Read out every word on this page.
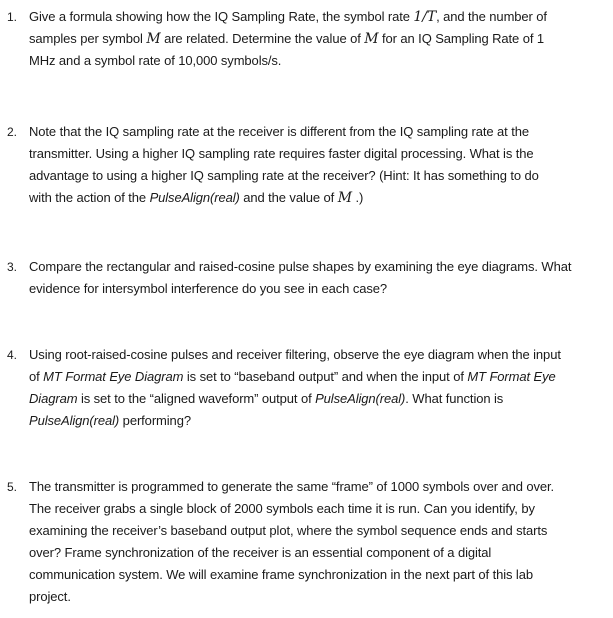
1. Give a formula showing how the IQ Sampling Rate, the symbol rate 1/T, and the number of
samples per symbol M are related. Determine the value of M for an IQ Sampling Rate of 1
MHz and a symbol rate of 10,000 symbols/s.
2. Note that the IQ sampling rate at the receiver is different from the IQ sampling rate at the
transmitter. Using a higher IQ sampling rate requires faster digital processing. What is the
advantage to using a higher IQ sampling rate at the receiver? (Hint: It has something to do
with the action of the PulseAlign(real) and the value of M .)
3. Compare the rectangular and raised-cosine pulse shapes by examining the eye diagrams. What
evidence for intersymbol interference do you see in each case?
4. Using root-raised-cosine pulses and receiver filtering, observe the eye diagram when the input
of MT Format Eye Diagram is set to “baseband output” and when the input of MT Format Eye
Diagram is set to the “aligned waveform” output of PulseAlign(real). What function is
PulseAlign(real) performing?
5. The transmitter is programmed to generate the same “frame” of 1000 symbols over and over.
The receiver grabs a single block of 2000 symbols each time it is run. Can you identify, by
examining the receiver’s baseband output plot, where the symbol sequence ends and starts
over? Frame synchronization of the receiver is an essential component of a digital
communication system. We will examine frame synchronization in the next part of this lab
project.
